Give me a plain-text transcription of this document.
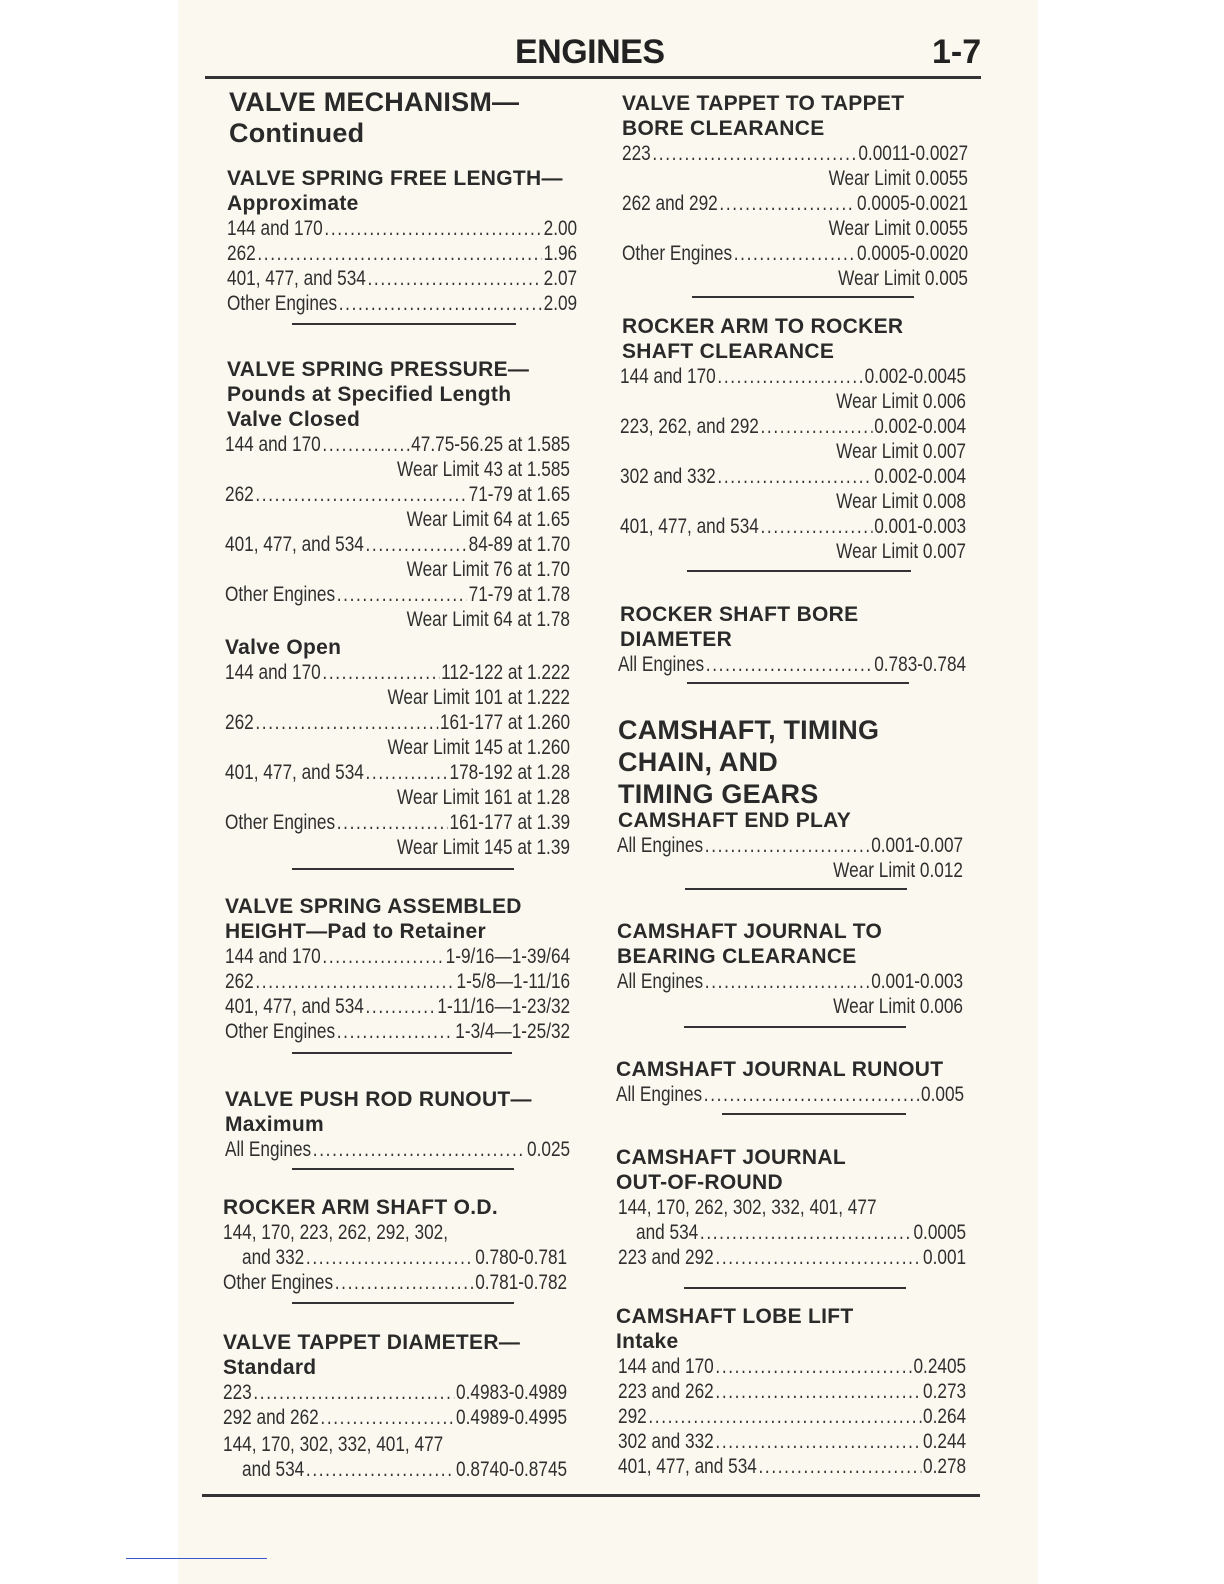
ENGINES	1-7
VALVE MECHANISM—
Continued
VALVE SPRING FREE LENGTH—
Approximate
144 and 170 .....	2.00
262 .....	1.96
401, 477, and 534 .....	2.07
Other Engines .....	2.09
VALVE SPRING PRESSURE—
Pounds at Specified Length
Valve Closed
144 and 170 .....	47.75-56.25 at 1.585
Wear Limit 43 at 1.585
262 .....	71-79 at 1.65
Wear Limit 64 at 1.65
401, 477, and 534 .....	84-89 at 1.70
Wear Limit 76 at 1.70
Other Engines .....	71-79 at 1.78
Wear Limit 64 at 1.78
Valve Open
144 and 170 .....	112-122 at 1.222
Wear Limit 101 at 1.222
262 .....	161-177 at 1.260
Wear Limit 145 at 1.260
401, 477, and 534 .....	178-192 at 1.28
Wear Limit 161 at 1.28
Other Engines .....	161-177 at 1.39
Wear Limit 145 at 1.39
VALVE SPRING ASSEMBLED
HEIGHT—Pad to Retainer
144 and 170 .....	1-9/16—1-39/64
262 .....	1-5/8—1-11/16
401, 477, and 534 .....	1-11/16—1-23/32
Other Engines .....	1-3/4—1-25/32
VALVE PUSH ROD RUNOUT—
Maximum
All Engines .....	0.025
ROCKER ARM SHAFT O.D.
144, 170, 223, 262, 292, 302,
and 332 .....	0.780-0.781
Other Engines .....	0.781-0.782
VALVE TAPPET DIAMETER—
Standard
223 .....	0.4983-0.4989
292 and 262 .....	0.4989-0.4995
144, 170, 302, 332, 401, 477
and 534 .....	0.8740-0.8745
VALVE TAPPET TO TAPPET
BORE CLEARANCE
223 .....	0.0011-0.0027
Wear Limit 0.0055
262 and 292 .....	0.0005-0.0021
Wear Limit 0.0055
Other Engines .....	0.0005-0.0020
Wear Limit 0.005
ROCKER ARM TO ROCKER
SHAFT CLEARANCE
144 and 170 .....	0.002-0.0045
Wear Limit 0.006
223, 262, and 292 .....	0.002-0.004
Wear Limit 0.007
302 and 332 .....	0.002-0.004
Wear Limit 0.008
401, 477, and 534 .....	0.001-0.003
Wear Limit 0.007
ROCKER SHAFT BORE
DIAMETER
All Engines .....	0.783-0.784
CAMSHAFT, TIMING
CHAIN, AND
TIMING GEARS
CAMSHAFT END PLAY
All Engines .....	0.001-0.007
Wear Limit 0.012
CAMSHAFT JOURNAL TO
BEARING CLEARANCE
All Engines .....	0.001-0.003
Wear Limit 0.006
CAMSHAFT JOURNAL RUNOUT
All Engines .....	0.005
CAMSHAFT JOURNAL
OUT-OF-ROUND
144, 170, 262, 302, 332, 401, 477
and 534 .....	0.0005
223 and 292 .....	0.001
CAMSHAFT LOBE LIFT
Intake
144 and 170 .....	0.2405
223 and 262 .....	0.273
292 .....	0.264
302 and 332 .....	0.244
401, 477, and 534 .....	0.278
